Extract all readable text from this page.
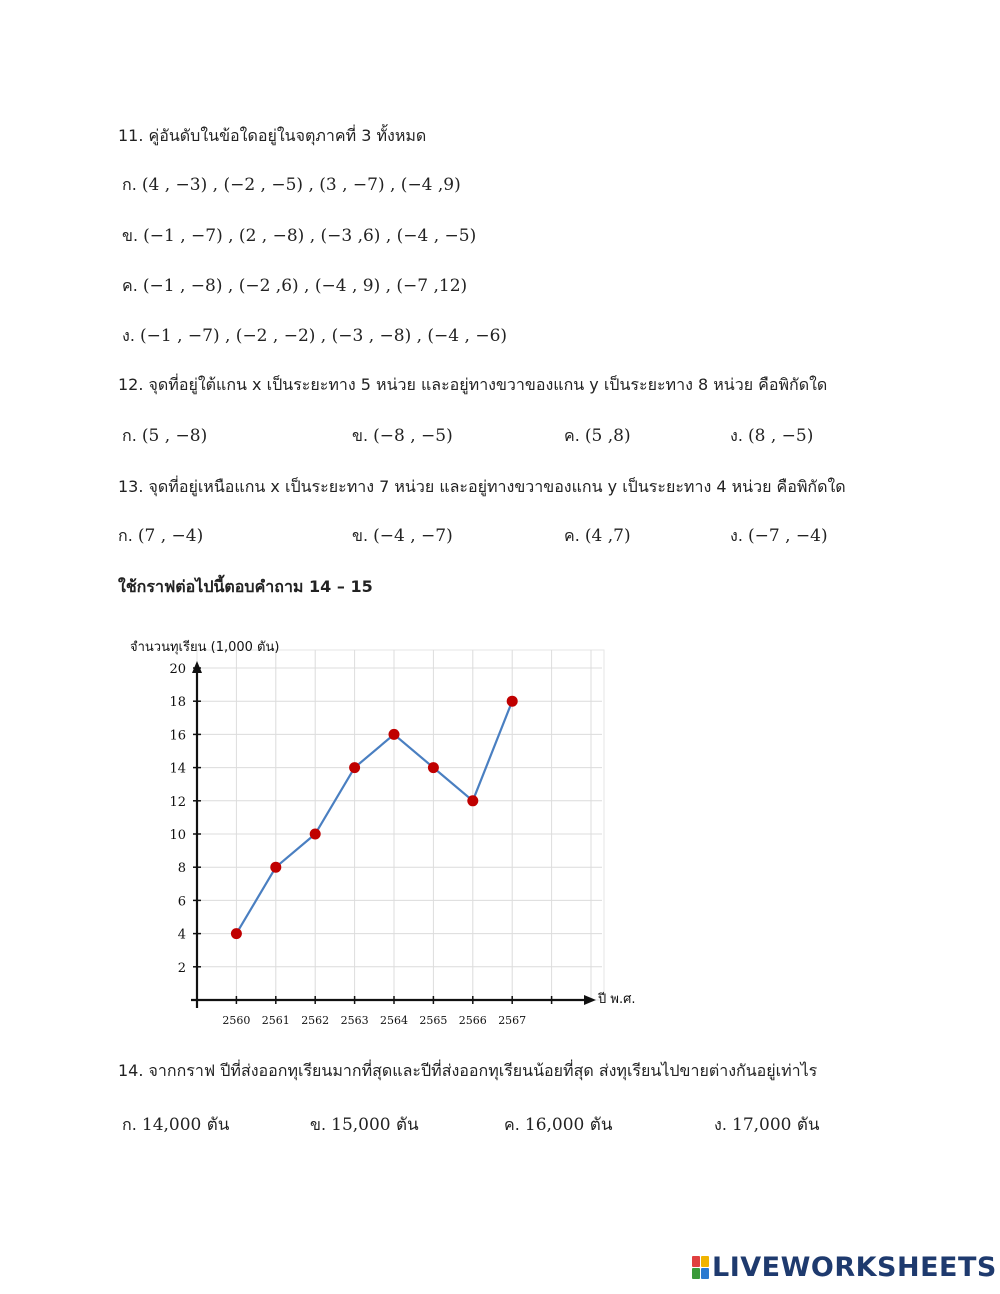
11. คู่อันดับในข้อใดอยู่ในจตุภาคที่ 3 ทั้งหมด
ก. (4 , −3) , (−2 , −5) , (3 , −7) , (−4 ,9)
ข. (−1 , −7) , (2 , −8) , (−3 ,6) , (−4 , −5)
ค. (−1 , −8) , (−2 ,6) , (−4 , 9) , (−7 ,12)
ง. (−1 , −7) , (−2 , −2) , (−3 , −8) , (−4 , −6)
12. จุดที่อยู่ใต้แกน x เป็นระยะทาง 5 หน่วย และอยู่ทางขวาของแกน y เป็นระยะทาง 8 หน่วย คือพิกัดใด
ก. (5 , −8)	ข. (−8 , −5)	ค. (5 ,8)	ง. (8 , −5)
13. จุดที่อยู่เหนือแกน x เป็นระยะทาง 7 หน่วย และอยู่ทางขวาของแกน y เป็นระยะทาง 4 หน่วย คือพิกัดใด
ก. (7 , −4)	ข. (−4 , −7)	ค. (4 ,7)	ง. (−7 , −4)
ใช้กราฟต่อไปนี้ตอบคำถาม 14 – 15
2
4
6
8
10
12
14
16
18
20
2560 2561 2562 2563 2564 2565 2566 2567
จำนวนทุเรียน (1,000 ตัน)
ปี พ.ศ.
14. จากกราฟ ปีที่ส่งออกทุเรียนมากที่สุดและปีที่ส่งออกทุเรียนน้อยที่สุด ส่งทุเรียนไปขายต่างกันอยู่เท่าไร
ก. 14,000 ตัน	ข. 15,000 ตัน	ค. 16,000 ตัน	ง. 17,000 ตัน
LIVEWORKSHEETS
